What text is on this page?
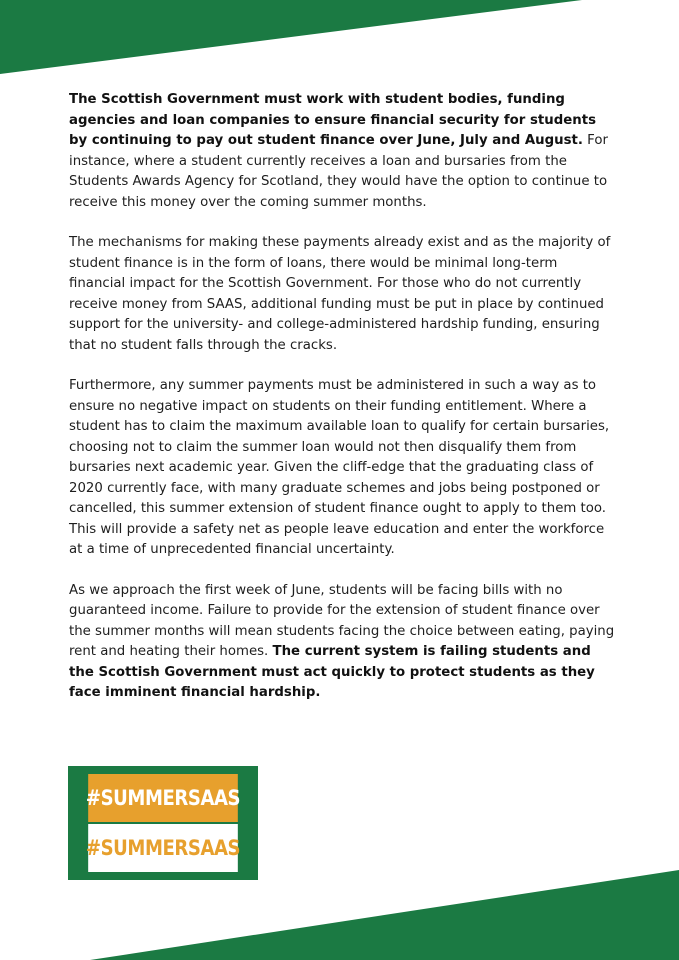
The Scottish Government must work with student bodies, funding agencies and loan companies to ensure financial security for students by continuing to pay out student finance over June, July and August. For instance, where a student currently receives a loan and bursaries from the Students Awards Agency for Scotland, they would have the option to continue to receive this money over the coming summer months.

The mechanisms for making these payments already exist and as the majority of student finance is in the form of loans, there would be minimal long-term financial impact for the Scottish Government. For those who do not currently receive money from SAAS, additional funding must be put in place by continued support for the university- and college-administered hardship funding, ensuring that no student falls through the cracks.

Furthermore, any summer payments must be administered in such a way as to ensure no negative impact on students on their funding entitlement. Where a student has to claim the maximum available loan to qualify for certain bursaries, choosing not to claim the summer loan would not then disqualify them from bursaries next academic year. Given the cliff-edge that the graduating class of 2020 currently face, with many graduate schemes and jobs being postponed or cancelled, this summer extension of student finance ought to apply to them too. This will provide a safety net as people leave education and enter the workforce at a time of unprecedented financial uncertainty.

As we approach the first week of June, students will be facing bills with no guaranteed income. Failure to provide for the extension of student finance over the summer months will mean students facing the choice between eating, paying rent and heating their homes. The current system is failing students and the Scottish Government must act quickly to protect students as they face imminent financial hardship.

#SUMMERSAAS
#SUMMERSAAS
